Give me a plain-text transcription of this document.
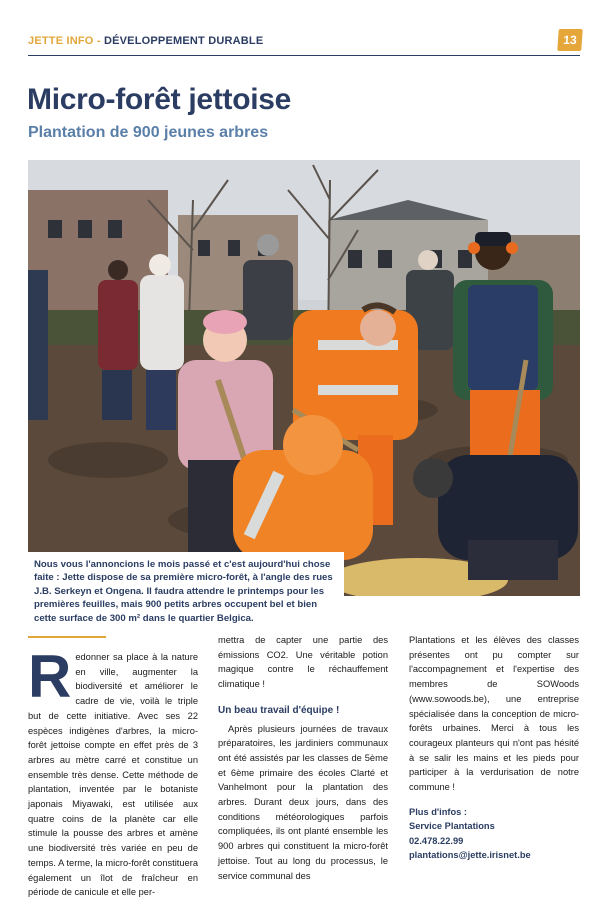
JETTE INFO - DÉVELOPPEMENT DURABLE	13
Micro-forêt jettoise
Plantation de 900 jeunes arbres
Nous vous l'annoncions le mois passé et c'est aujourd'hui chose faite : Jette dispose de sa première micro-forêt, à l'angle des rues J.B. Serkeyn et Ongena. Il faudra attendre le printemps pour les premières feuilles, mais 900 petits arbres occupent bel et bien cette surface de 300 m² dans le quartier Belgica.
R edonner sa place à la nature en ville, augmenter la biodiversité et améliorer le cadre de vie, voilà le triple but de cette initiative. Avec ses 22 espèces indigènes d'arbres, la micro-forêt jettoise compte en effet près de 3 arbres au mètre carré et constitue un ensemble très dense. Cette méthode de plantation, inventée par le botaniste japonais Miyawaki, est utilisée aux quatre coins de la planète car elle stimule la pousse des arbres et amène une biodiversité très variée en peu de temps. A terme, la micro-forêt constituera également un îlot de fraîcheur en période de canicule et elle per-

mettra de capter une partie des émissions CO2. Une véritable potion magique contre le réchauffement climatique !

Un beau travail d'équipe !

Après plusieurs journées de travaux préparatoires, les jardiniers communaux ont été assistés par les classes de 5ème et 6ème primaire des écoles Clarté et Vanhelmont pour la plantation des arbres. Durant deux jours, dans des conditions météorologiques parfois compliquées, ils ont planté ensemble les 900 arbres qui constituent la micro-forêt jettoise. Tout au long du processus, le service communal des

Plantations et les élèves des classes présentes ont pu compter sur l'accompagnement et l'expertise des membres de SOWoods (www.sowoods.be), une entreprise spécialisée dans la conception de micro-forêts urbaines. Merci à tous les courageux planteurs qui n'ont pas hésité à se salir les mains et les pieds pour participer à la verdurisation de notre commune !

Plus d'infos :
Service Plantations
02.478.22.99
plantations@jette.irisnet.be
